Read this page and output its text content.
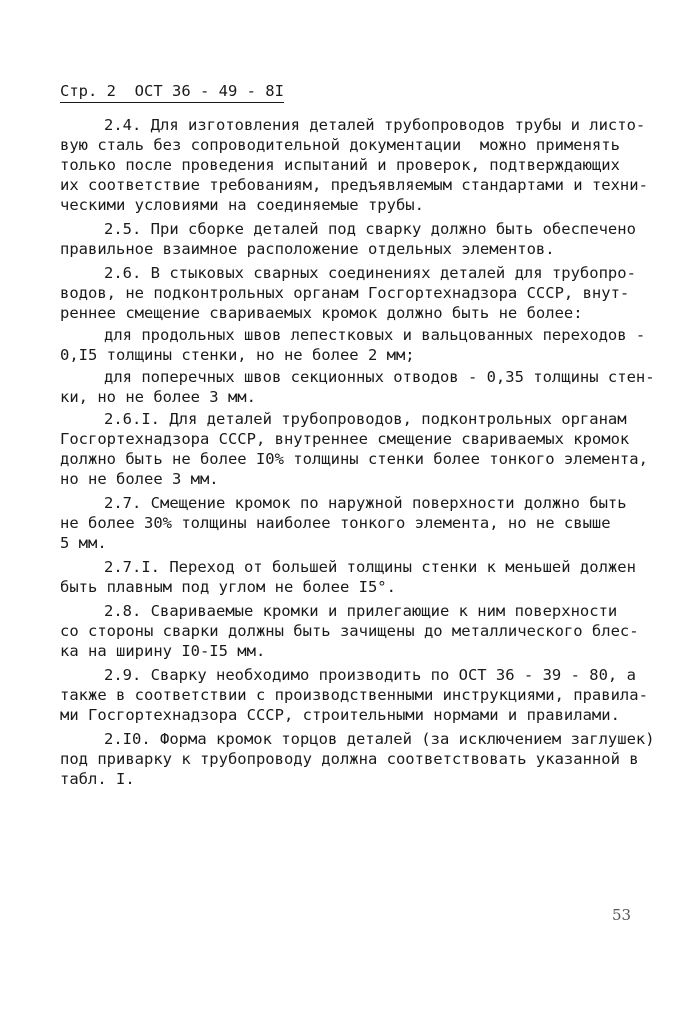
Стр. 2  ОСТ 36 - 49 - 8I
2.4. Для изготовления деталей трубопроводов трубы и листо-
вую сталь без сопроводительной документации  можно применять
только после проведения испытаний и проверок, подтверждающих
их соответствие требованиям, предъявляемым стандартами и техни-
ческими условиями на соединяемые трубы.
2.5. При сборке деталей под сварку должно быть обеспечено
правильное взаимное расположение отдельных элементов.
2.6. В стыковых сварных соединениях деталей для трубопро-
водов, не подконтрольных органам Госгортехнадзора СССР, внут-
реннее смещение свариваемых кромок должно быть не более:
для продольных швов лепестковых и вальцованных переходов -
0,I5 толщины стенки, но не более 2 мм;
для поперечных швов секционных отводов - 0,35 толщины стен-
ки, но не более 3 мм.
2.6.I. Для деталей трубопроводов, подконтрольных органам
Госгортехнадзора СССР, внутреннее смещение свариваемых кромок
должно быть не более I0% толщины стенки более тонкого элемента,
но не более 3 мм.
2.7. Смещение кромок по наружной поверхности должно быть
не более 30% толщины наиболее тонкого элемента, но не свыше
5 мм.
2.7.I. Переход от большей толщины стенки к меньшей должен
быть плавным под углом не более I5°.
2.8. Свариваемые кромки и прилегающие к ним поверхности
со стороны сварки должны быть зачищены до металлического блес-
ка на ширину I0-I5 мм.
2.9. Сварку необходимо производить по ОСТ 36 - 39 - 80, а
также в соответствии с производственными инструкциями, правила-
ми Госгортехнадзора СССР, строительными нормами и правилами.
2.I0. Форма кромок торцов деталей (за исключением заглушек)
под приварку к трубопроводу должна соответствовать указанной в
табл. I.
53
